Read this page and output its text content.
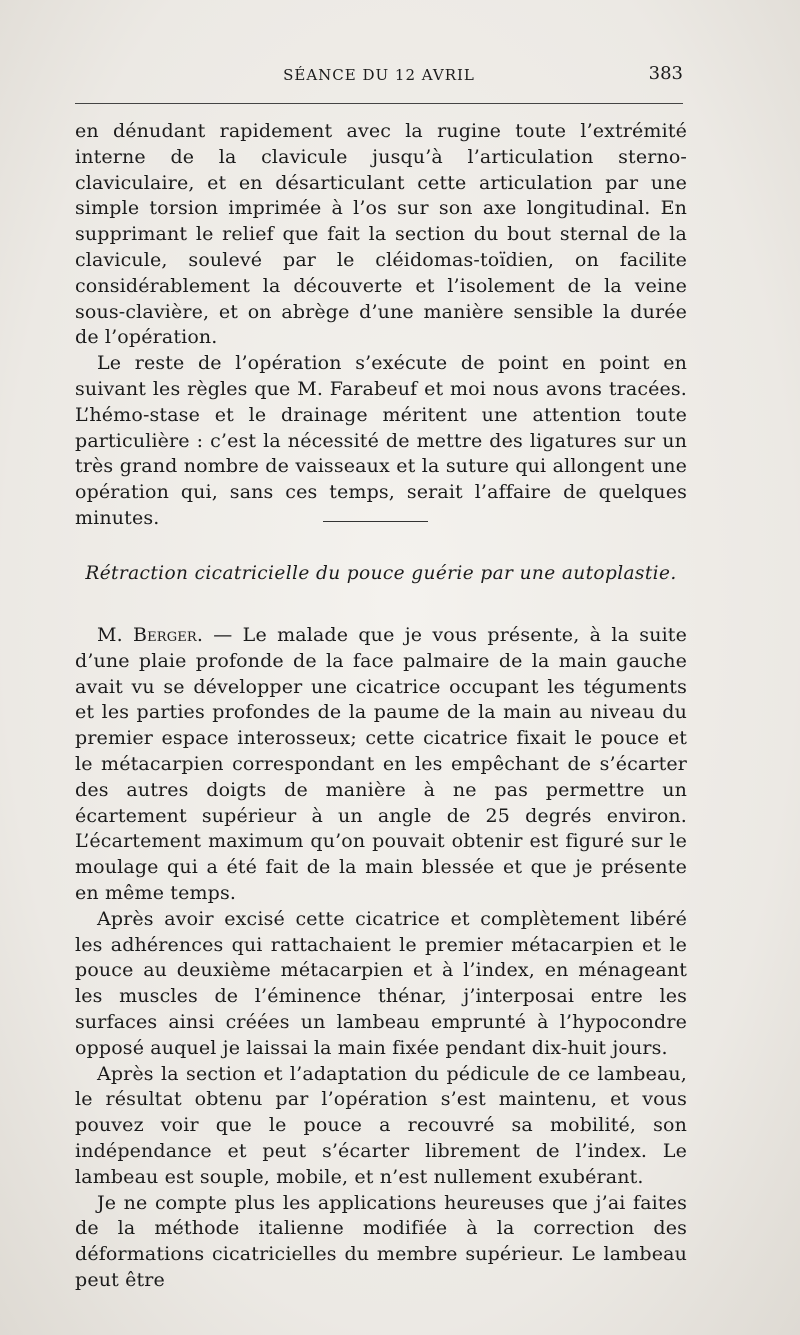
SÉANCE DU 12 AVRIL	383

en dénudant rapidement avec la rugine toute l’extrémité interne de la clavicule jusqu’à l’articulation sterno-claviculaire, et en désarticulant cette articulation par une simple torsion imprimée à l’os sur son axe longitudinal. En supprimant le relief que fait la section du bout sternal de la clavicule, soulevé par le cléidomas-toïdien, on facilite considérablement la découverte et l’isolement de la veine sous-clavière, et on abrège d’une manière sensible la durée de l’opération.

Le reste de l’opération s’exécute de point en point en suivant les règles que M. Farabeuf et moi nous avons tracées. L’hémo-stase et le drainage méritent une attention toute particulière : c’est la nécessité de mettre des ligatures sur un très grand nombre de vaisseaux et la suture qui allongent une opération qui, sans ces temps, serait l’affaire de quelques minutes.

Rétraction cicatricielle du pouce guérie par une autoplastie.

M. Berger. — Le malade que je vous présente, à la suite d’une plaie profonde de la face palmaire de la main gauche avait vu se développer une cicatrice occupant les téguments et les parties profondes de la paume de la main au niveau du premier espace interosseux; cette cicatrice fixait le pouce et le métacarpien correspondant en les empêchant de s’écarter des autres doigts de manière à ne pas permettre un écartement supérieur à un angle de 25 degrés environ. L’écartement maximum qu’on pouvait obtenir est figuré sur le moulage qui a été fait de la main blessée et que je présente en même temps.

Après avoir excisé cette cicatrice et complètement libéré les adhérences qui rattachaient le premier métacarpien et le pouce au deuxième métacarpien et à l’index, en ménageant les muscles de l’éminence thénar, j’interposai entre les surfaces ainsi créées un lambeau emprunté à l’hypocondre opposé auquel je laissai la main fixée pendant dix-huit jours.

Après la section et l’adaptation du pédicule de ce lambeau, le résultat obtenu par l’opération s’est maintenu, et vous pouvez voir que le pouce a recouvré sa mobilité, son indépendance et peut s’écarter librement de l’index. Le lambeau est souple, mobile, et n’est nullement exubérant.

Je ne compte plus les applications heureuses que j’ai faites de la méthode italienne modifiée à la correction des déformations cicatricielles du membre supérieur. Le lambeau peut être
